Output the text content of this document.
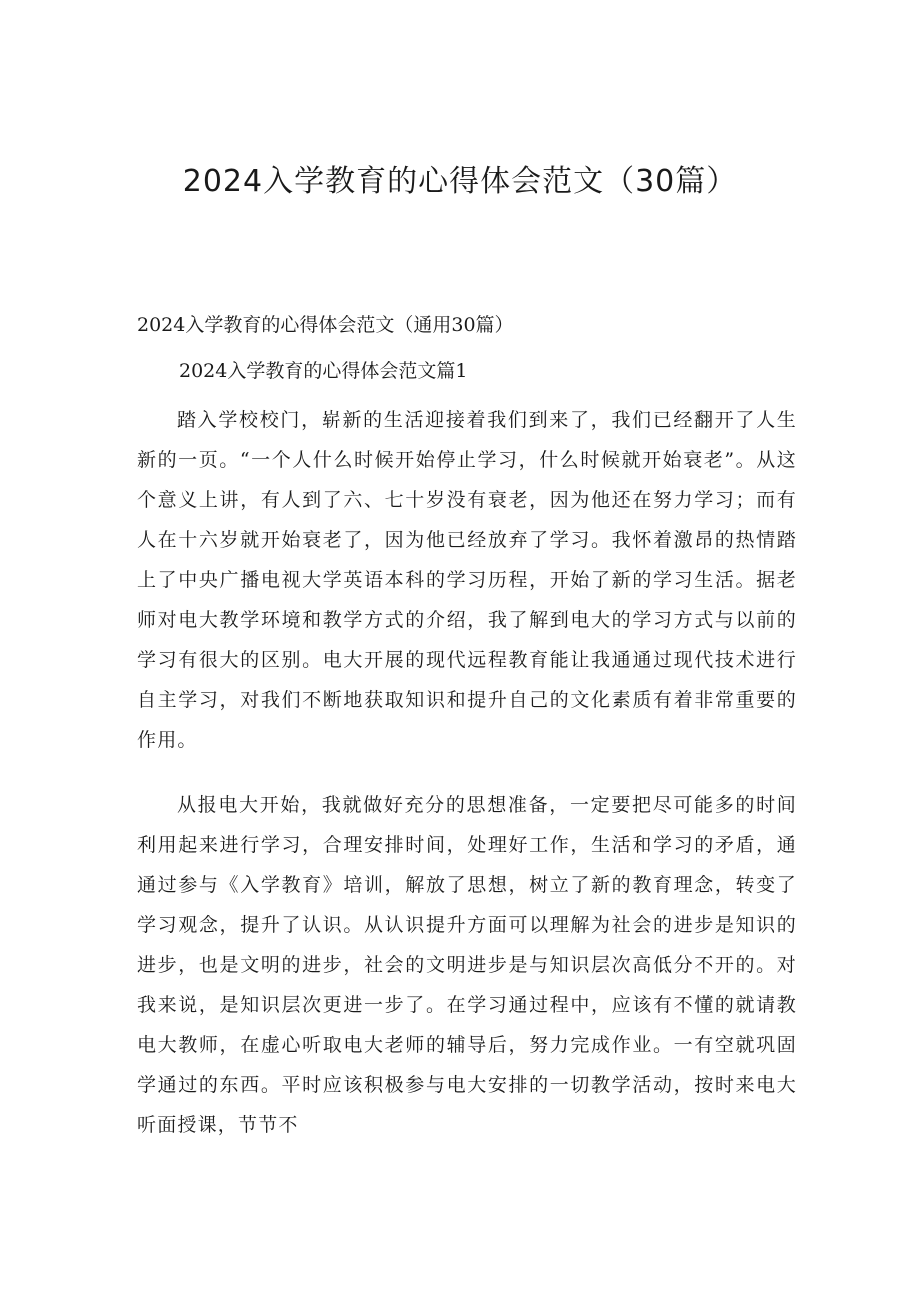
2024入学教育的心得体会范文（30篇）

2024入学教育的心得体会范文（通用30篇）

2024入学教育的心得体会范文篇1

踏入学校校门，崭新的生活迎接着我们到来了，我们已经翻开了人生新的一页。“一个人什么时候开始停止学习，什么时候就开始衰老”。从这个意义上讲，有人到了六、七十岁没有衰老，因为他还在努力学习；而有人在十六岁就开始衰老了，因为他已经放弃了学习。我怀着激昂的热情踏上了中央广播电视大学英语本科的学习历程，开始了新的学习生活。据老师对电大教学环境和教学方式的介绍，我了解到电大的学习方式与以前的学习有很大的区别。电大开展的现代远程教育能让我通通过现代技术进行自主学习，对我们不断地获取知识和提升自己的文化素质有着非常重要的作用。

从报电大开始，我就做好充分的思想准备，一定要把尽可能多的时间利用起来进行学习，合理安排时间，处理好工作，生活和学习的矛盾，通通过参与《入学教育》培训，解放了思想，树立了新的教育理念，转变了学习观念，提升了认识。从认识提升方面可以理解为社会的进步是知识的进步，也是文明的进步，社会的文明进步是与知识层次高低分不开的。对我来说，是知识层次更进一步了。在学习通过程中，应该有不懂的就请教电大教师，在虚心听取电大老师的辅导后，努力完成作业。一有空就巩固学通过的东西。平时应该积极参与电大安排的一切教学活动，按时来电大听面授课，节节不
